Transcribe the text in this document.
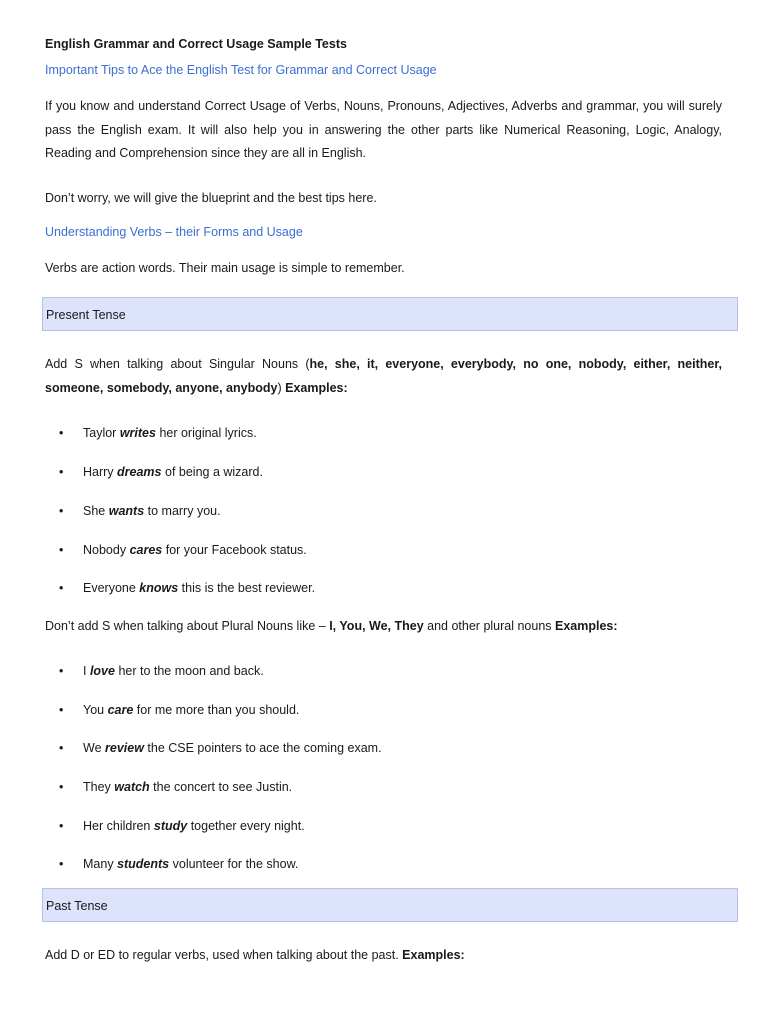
English Grammar and Correct Usage Sample Tests

Important Tips to Ace the English Test for Grammar and Correct Usage

If you know and understand Correct Usage of Verbs, Nouns, Pronouns, Adjectives, Adverbs and grammar, you will surely pass the English exam. It will also help you in answering the other parts like Numerical Reasoning, Logic, Analogy, Reading and Comprehension since they are all in English.

Don’t worry, we will give the blueprint and the best tips here.

Understanding Verbs – their Forms and Usage

Verbs are action words. Their main usage is simple to remember.

Present Tense

Add S when talking about Singular Nouns (he, she, it, everyone, everybody, no one, nobody, either, neither, someone, somebody, anyone, anybody) Examples:

• Taylor writes her original lyrics.
• Harry dreams of being a wizard.
• She wants to marry you.
• Nobody cares for your Facebook status.
• Everyone knows this is the best reviewer.

Don’t add S when talking about Plural Nouns like – I, You, We, They and other plural nouns Examples:

• I love her to the moon and back.
• You care for me more than you should.
• We review the CSE pointers to ace the coming exam.
• They watch the concert to see Justin.
• Her children study together every night.
• Many students volunteer for the show.
Past Tense

Add D or ED to regular verbs, used when talking about the past. Examples:
